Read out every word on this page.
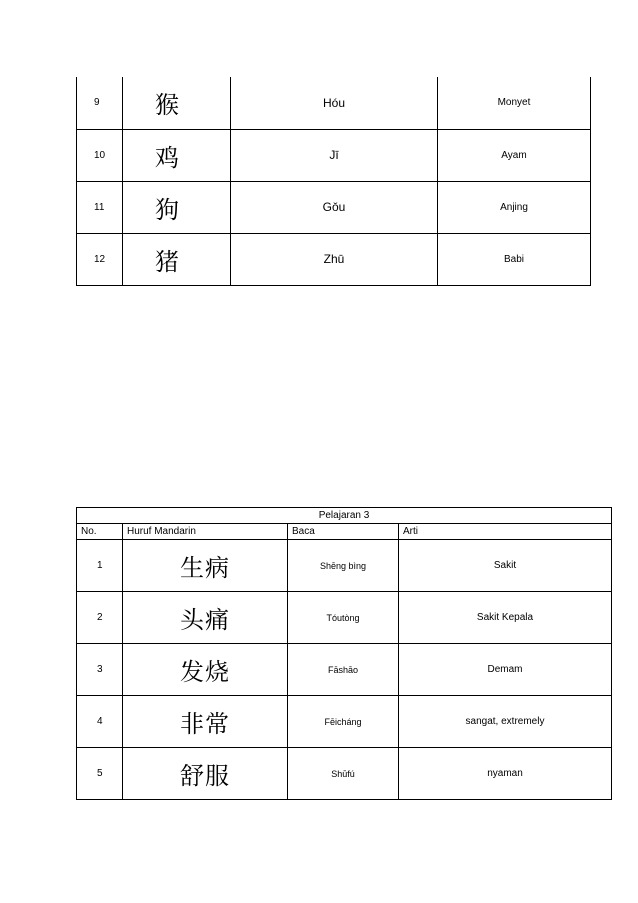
9	猴	Hóu	Monyet
10	鸡	Jī	Ayam
11	狗	Gǒu	Anjing
12	猪	Zhū	Babi
Pelajaran 3			
No.	Huruf Mandarin	Baca	Arti
1	生病	Shēng bìng	Sakit
2	头痛	Tóutòng	Sakit Kepala
3	发烧	Fāshāo	Demam
4	非常	Fēicháng	sangat, extremely
5	舒服	Shūfú	nyaman
